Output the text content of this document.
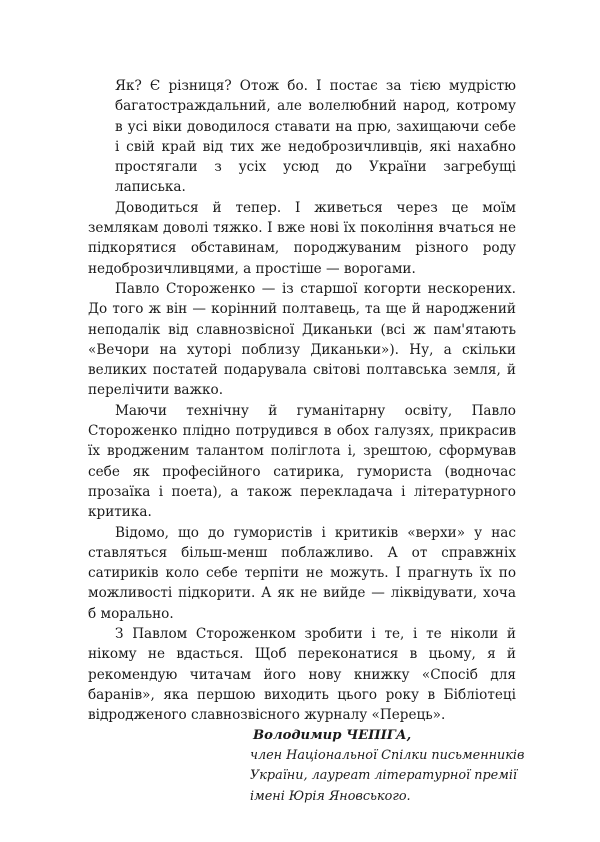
Як? Є різниця? Отож бо. І постає за тією мудрістю багатостраждальний, але волелюбний народ, котрому в усі віки доводилося ставати на прю, захищаючи себе і свій край від тих же недоброзичливців, які нахабно простягали з усіх усюд до України загребущі лаписька.

Доводиться й тепер. І живеться через це моїм землякам доволі тяжко. І вже нові їх покоління вчаться не підкорятися обставинам, породжуваним різного роду недоброзичливцями, а простіше — ворогами.

Павло Стороженко — із старшої когорти нескорених. До того ж він — корінний полтавець, та ще й народжений неподалік від славнозвісної Диканьки (всі ж пам'ятають «Вечори на хуторі поблизу Диканьки»). Ну, а скільки великих постатей подарувала світові полтавська земля, й перелічити важко.

Маючи технічну й гуманітарну освіту, Павло Стороженко плідно потрудився в обох галузях, прикрасив їх вродженим талантом поліглота і, зрештою, сформував себе як професійного сатирика, гумориста (водночас прозаїка і поета), а також перекладача і літературного критика.

Відомо, що до гумористів і критиків «верхи» у нас ставляться більш-менш поблажливо. А от справжніх сатириків коло себе терпіти не можуть. І прагнуть їх по можливості підкорити. А як не вийде — ліквідувати, хоча б морально.

З Павлом Стороженком зробити і те, і те ніколи й нікому не вдасться. Щоб переконатися в цьому, я й рекомендую читачам його нову книжку «Спосіб для баранів», яка першою виходить цього року в Бібліотеці відродженого славнозвісного журналу «Перець».

Володимир ЧЕПІГА,
член Національної Спілки письменників
України, лауреат літературної премії
імені Юрія Яновського.
